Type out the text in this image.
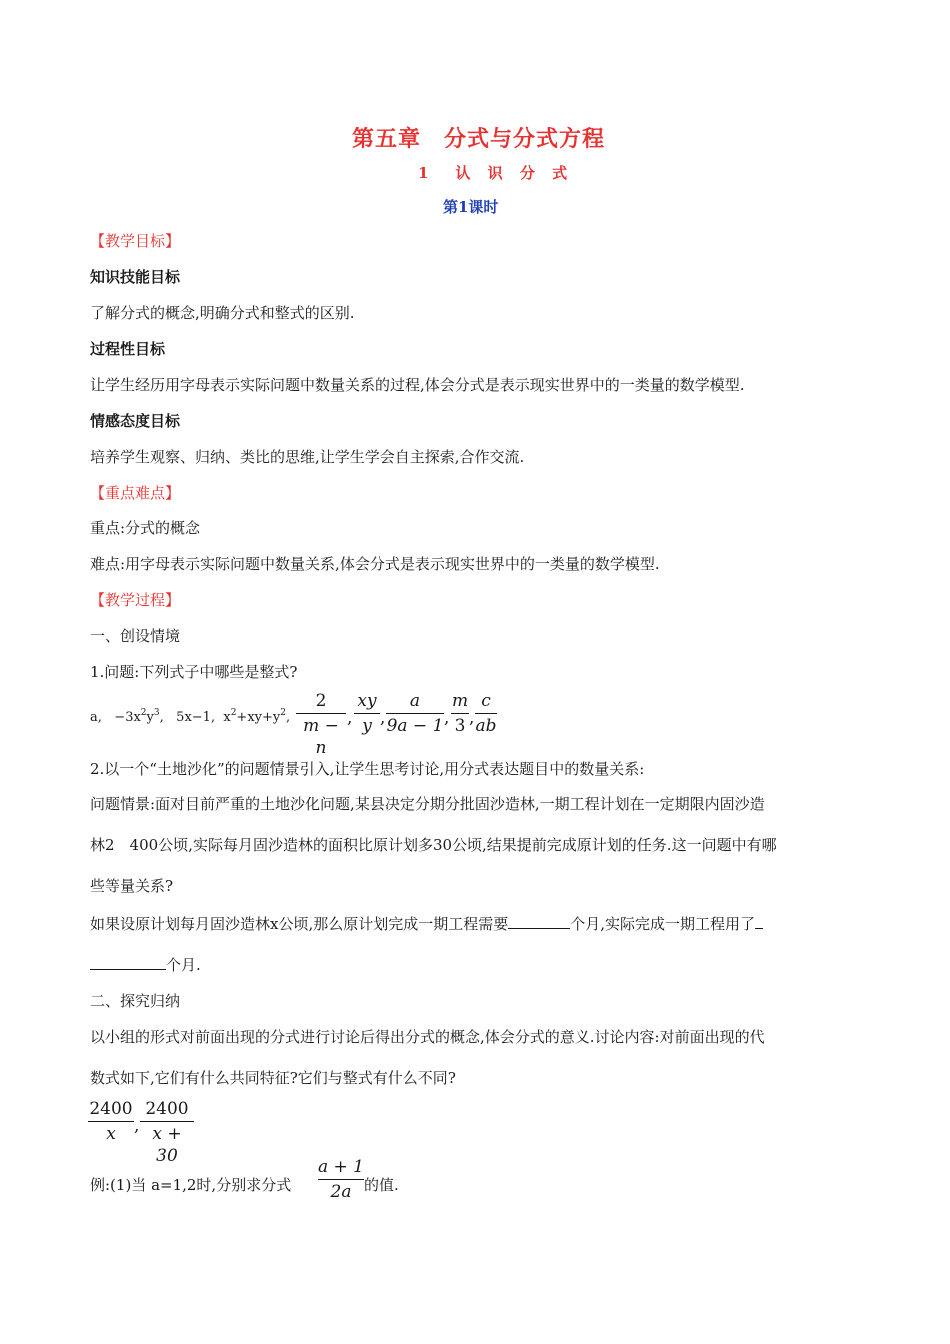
第五章　分式与分式方程
1　认 识 分 式
第1课时
【教学目标】
知识技能目标
了解分式的概念,明确分式和整式的区别.
过程性目标
让学生经历用字母表示实际问题中数量关系的过程,体会分式是表示现实世界中的一类量的数学模型.
情感态度目标
培养学生观察、归纳、类比的思维,让学生学会自主探索,合作交流.
【重点难点】
重点:分式的概念
难点:用字母表示实际问题中数量关系,体会分式是表示现实世界中的一类量的数学模型.
【教学过程】
一、创设情境
1.问题:下列式子中哪些是整式?
a, $-3x^2y^3$, 5x−1, $x^2+xy+y^2$,
2
m − n
,
xy
y ,
a
9a − 1 ,
m
3 ,
c
ab
2.以一个“土地沙化”的问题情景引入,让学生思考讨论,用分式表达题目中的数量关系:
问题情景:面对目前严重的土地沙化问题,某县决定分期分批固沙造林,一期工程计划在一定期限内固沙造
林2　400公顷,实际每月固沙造林的面积比原计划多30公顷,结果提前完成原计划的任务.这一问题中有哪
些等量关系?
如果设原计划每月固沙造林x公顷,那么原计划完成一期工程需要	个月,实际完成一期工程用了
个月.
二、探究归纳
以小组的形式对前面出现的分式进行讨论后得出分式的概念,体会分式的意义.讨论内容:对前面出现的代
数式如下,它们有什么共同特征?它们与整式有什么不同?
2400
x	,
2400
x + 30
例:(1)当 a=1,2时,分别求分式
a + 1
2a 的值.
